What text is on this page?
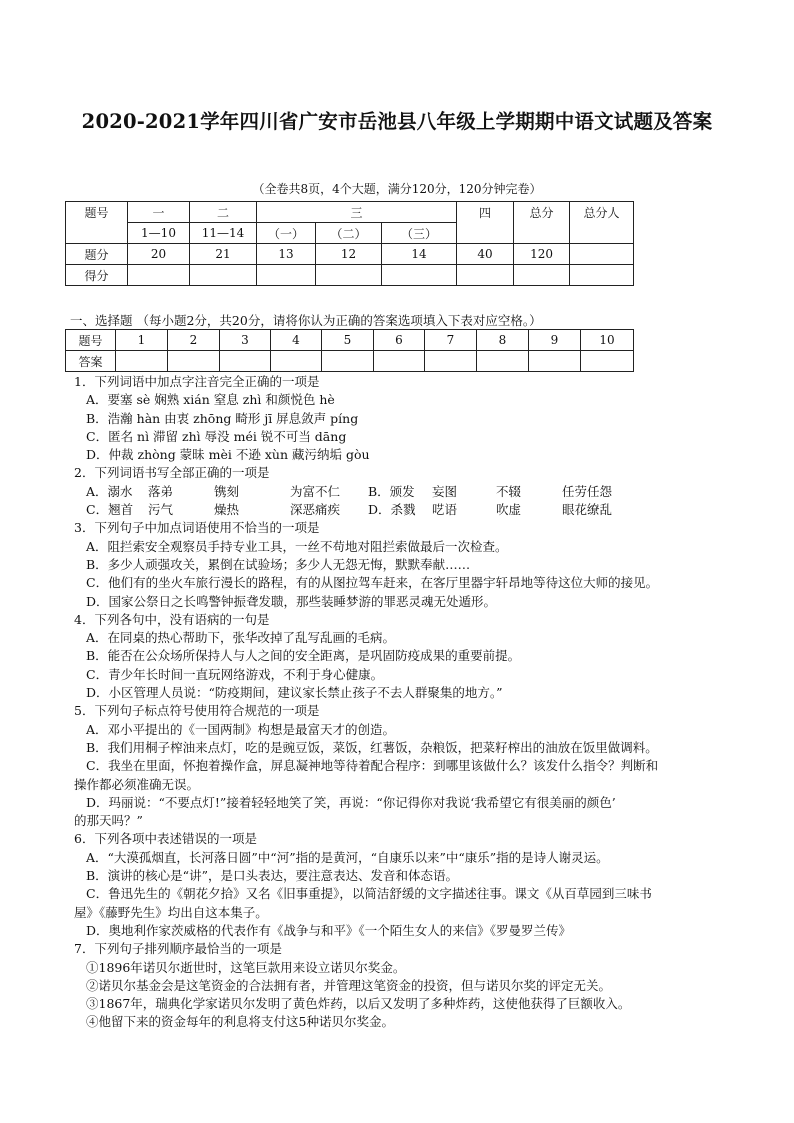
2020-2021学年四川省广安市岳池县八年级上学期期中语文试题及答案
（全卷共8页，4个大题，满分120分，120分钟完卷）
题号	一	二	三			四	总分	总分人
	1—10	11—14	（一）	（二）	（三）			
题分	20	21	13	12	14	40	120	
得分								
一、选择题 （每小题2分，共20分，请将你认为正确的答案选项填入下表对应空格。）
题号	1	2	3	4	5	6	7	8	9	10
答案										
1．下列词语中加点字注音完全正确的一项是
A．要塞 sè 娴熟 xián 窒息 zhì 和颜悦色 hè
B．浩瀚 hàn 由衷 zhōng 畸形 jī 屏息敛声 píng
C．匿名 nì 滞留 zhì 辱没 méi 锐不可当 dāng
D．仲裁 zhòng 蒙昧 mèi 不逊 xùn 藏污纳垢 gòu
2．下列词语书写全部正确的一项是
A．溺水 落弟	镌刻	为富不仁 B．颁发 妄图	不辍	任劳任怨
C．翘首 污气	燥热	深恶痛疾 D．杀戮 呓语	吹虚	眼花缭乱
3．下列句子中加点词语使用不恰当的一项是
A．阻拦索安全观察员手持专业工具，一丝不苟地对阻拦索做最后一次检查。
B．多少人顽强攻关，累倒在试验场；多少人无怨无悔，默默奉献……
C．他们有的坐火车旅行漫长的路程，有的从图拉驾车赶来，在客厅里器宇轩昂地等待这位大师的接见。
D．国家公祭日之长鸣警钟振聋发聩，那些装睡梦游的罪恶灵魂无处遁形。
4．下列各句中，没有语病的一句是
A．在同桌的热心帮助下，张华改掉了乱写乱画的毛病。
B．能否在公众场所保持人与人之间的安全距离，是巩固防疫成果的重要前提。
C．青少年长时间一直玩网络游戏，不利于身心健康。
D．小区管理人员说：“防疫期间，建议家长禁止孩子不去人群聚集的地方。”
5．下列句子标点符号使用符合规范的一项是
A．邓小平提出的《一国两制》构想是最富天才的创造。
B．我们用桐子榨油来点灯，吃的是豌豆饭，菜饭，红薯饭，杂粮饭，把菜籽榨出的油放在饭里做调料。
C．我坐在里面，怀抱着操作盒，屏息凝神地等待着配合程序：到哪里该做什么？该发什么指令？判断和
操作都必须准确无误。
D．玛丽说：“不要点灯!”接着轻轻地笑了笑，再说：“你记得你对我说‘我希望它有很美丽的颜色’
的那天吗？”
6．下列各项中表述错误的一项是
A．“大漠孤烟直，长河落日圆”中“河”指的是黄河，“自康乐以来”中“康乐”指的是诗人谢灵运。
B．演讲的核心是“讲”，是口头表达，要注意表达、发音和体态语。
C．鲁迅先生的《朝花夕拾》又名《旧事重提》，以简洁舒缓的文字描述往事。课文《从百草园到三味书
屋》《藤野先生》均出自这本集子。
D．奥地利作家茨威格的代表作有《战争与和平》《一个陌生女人的来信》《罗曼罗兰传》
7．下列句子排列顺序最恰当的一项是
①1896年诺贝尔逝世时，这笔巨款用来设立诺贝尔奖金。
②诺贝尔基金会是这笔资金的合法拥有者，并管理这笔资金的投资，但与诺贝尔奖的评定无关。
③1867年，瑞典化学家诺贝尔发明了黄色炸药，以后又发明了多种炸药，这使他获得了巨额收入。
④他留下来的资金每年的利息将支付这5种诺贝尔奖金。
